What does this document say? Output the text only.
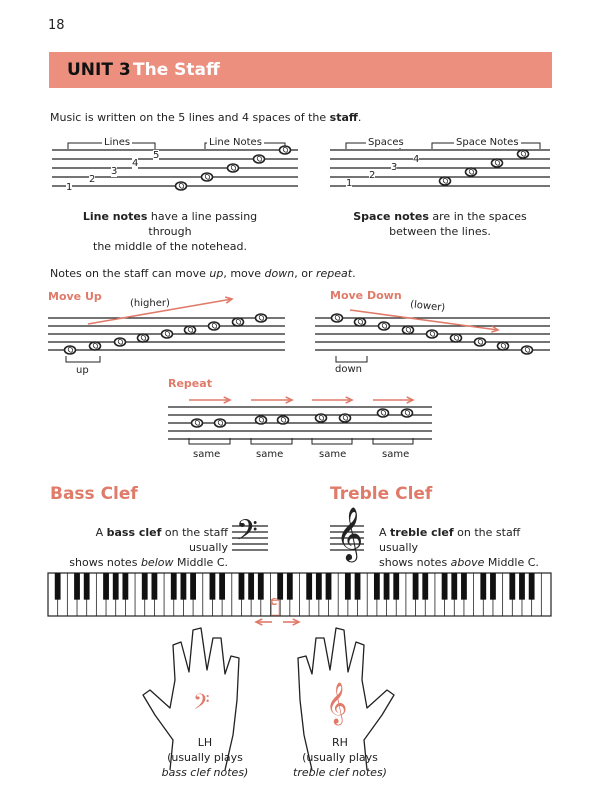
18
UNIT 3 The Staff
Music is written on the 5 lines and 4 spaces of the staff.
Lines	Line Notes	Spaces	Space Notes
1
2
3
4
5
1
2
3
4
Line notes have a line passing through
the middle of the notehead.
Space notes are in the spaces
between the lines.
Notes on the staff can move up, move down, or repeat.
Move Up
(higher)
up
Move Down
(lower)
down
Repeat
same	same	same	same
Bass Clef	Treble Clef
A bass clef on the staff usually
shows notes below Middle C.
A treble clef on the staff usually
shows notes above Middle C.
𝄢 𝄞
C
𝄢	𝄞
LH
(usually plays
bass clef notes)
RH
(usually plays
treble clef notes)
